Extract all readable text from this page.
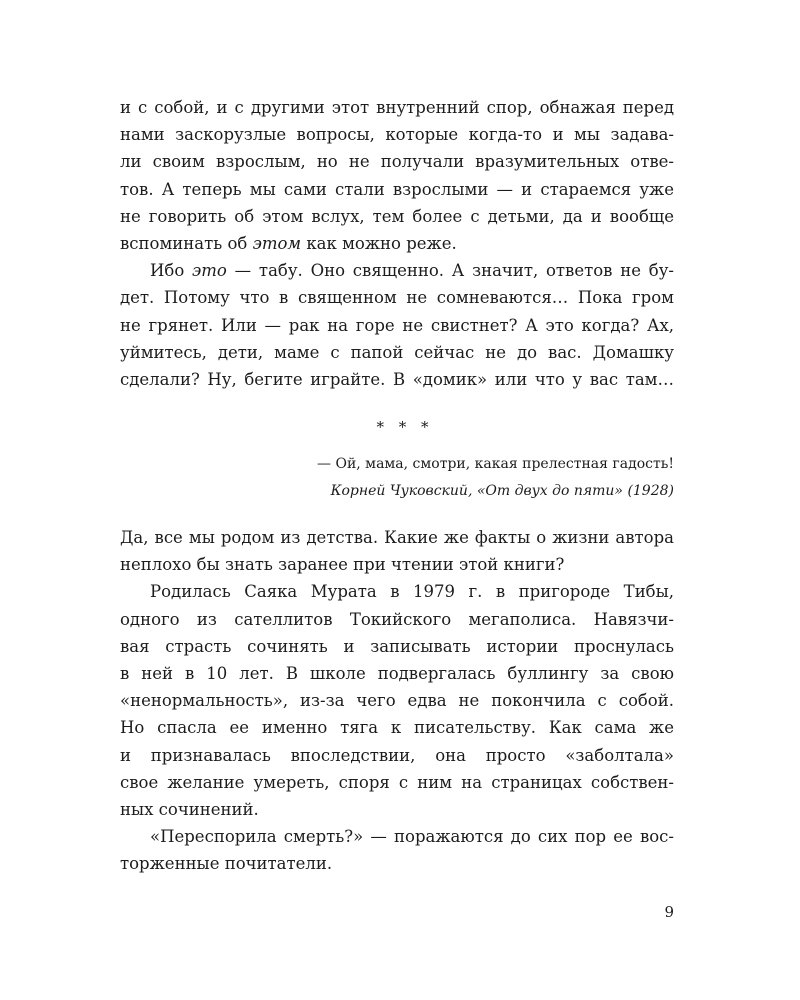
и с собой, и с другими этот внутренний спор, обнажая перед
нами заскорузлые вопросы, которые когда-то и мы задава-
ли своим взрослым, но не получали вразумительных отве-
тов. А теперь мы сами стали взрослыми — и стараемся уже
не говорить об этом вслух, тем более с детьми, да и вообще
вспоминать об этом как можно реже.
Ибо это — табу. Оно священно. А значит, ответов не бу-
дет. Потому что в священном не сомневаются… Пока гром
не грянет. Или — рак на горе не свистнет? А это когда? Ах,
уймитесь, дети, маме с папой сейчас не до вас. Домашку
сделали? Ну, бегите играйте. В «домик» или что у вас там…
* * *
— Ой, мама, смотри, какая прелестная гадость!
Корней Чуковский, «От двух до пяти» (1928)
Да, все мы родом из детства. Какие же факты о жизни автора
неплохо бы знать заранее при чтении этой книги?
Родилась Саяка Мурата в 1979 г. в пригороде Тибы,
одного из сателлитов Токийского мегаполиса. Навязчи-
вая страсть сочинять и записывать истории проснулась
в ней в 10 лет. В школе подвергалась буллингу за свою
«ненормальность», из-за чего едва не покончила с собой.
Но спасла ее именно тяга к писательству. Как сама же
и признавалась впоследствии, она просто «заболтала»
свое желание умереть, споря с ним на страницах собствен-
ных сочинений.
«Переспорила смерть?» — поражаются до сих пор ее вос-
торженные почитатели.
9
